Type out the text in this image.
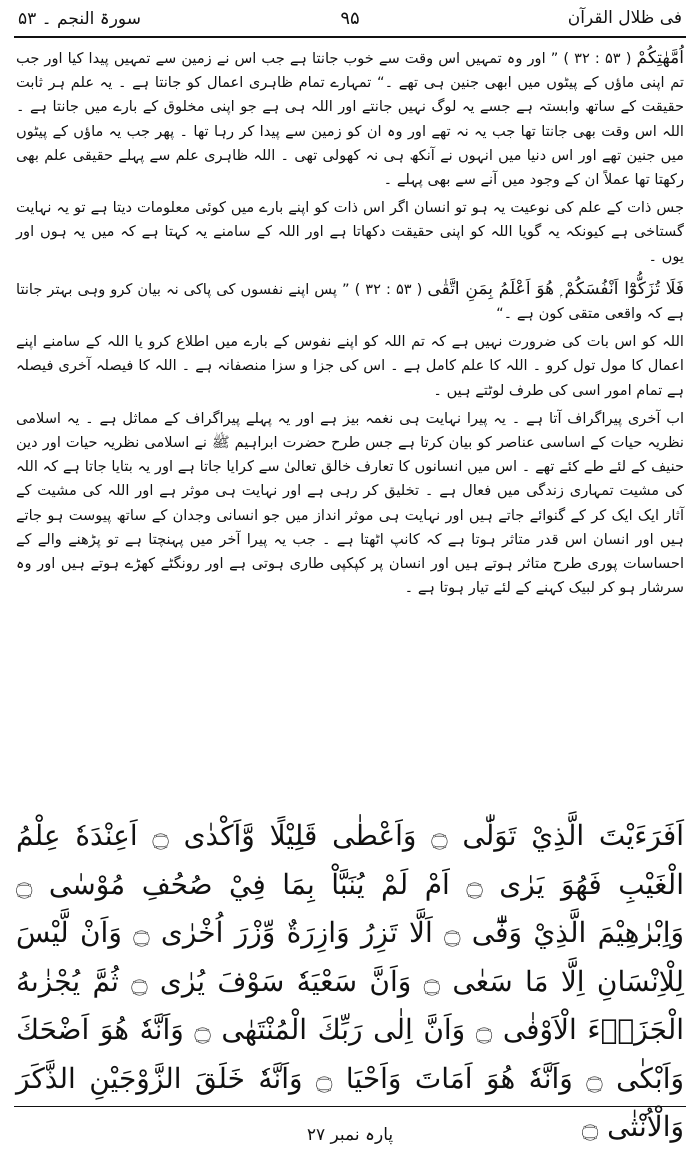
فی ظلال القرآن
۹۵
سورۃ النجم ۔ ۵۳

اُمَّهٰتِكُمْ ( ۵۳ : ۳۲ ) ” اور وہ تمہیں اس وقت سے خوب جانتا ہے جب اس نے زمین سے تمہیں پیدا کیا اور جب تم اپنی ماؤں کے پیٹوں میں ابھی جنین ہی تھے ۔“ تمہارے تمام ظاہری اعمال کو جانتا ہے ۔ یہ علم ہر ثابت حقیقت کے ساتھ وابستہ ہے جسے یہ لوگ نہیں جانتے اور اللہ ہی ہے جو اپنی مخلوق کے بارے میں جانتا ہے ۔ اللہ اس وقت بھی جانتا تھا جب یہ نہ تھے اور وہ ان کو زمین سے پیدا کر رہا تھا ۔ پھر جب یہ ماؤں کے پیٹوں میں جنین تھے اور اس دنیا میں انہوں نے آنکھ ہی نہ کھولی تھی ۔ اللہ ظاہری علم سے پہلے حقیقی علم بھی رکھتا تھا عملاً ان کے وجود میں آنے سے بھی پہلے ۔

جس ذات کے علم کی نوعیت یہ ہو تو انسان اگر اس ذات کو اپنے بارے میں کوئی معلومات دیتا ہے تو یہ نہایت گستاخی ہے کیونکہ یہ گویا اللہ کو اپنی حقیقت دکھاتا ہے اور اللہ کے سامنے یہ کہتا ہے کہ میں یہ ہوں اور یوں ۔

فَلَا تُزَكُّوْٓا اَنْفُسَكُمْ ۭ هُوَ اَعْلَمُ بِمَنِ اتَّقٰى ( ۵۳ : ۳۲ ) ” پس اپنے نفسوں کی پاکی نہ بیان کرو وہی بہتر جانتا ہے کہ واقعی متقی کون ہے ۔“

اللہ کو اس بات کی ضرورت نہیں ہے کہ تم اللہ کو اپنے نفوس کے بارے میں اطلاع کرو یا اللہ کے سامنے اپنے اعمال کا مول تول کرو ۔ اللہ کا علم کامل ہے ۔ اس کی جزا و سزا منصفانہ ہے ۔ اللہ کا فیصلہ آخری فیصلہ ہے تمام امور اسی کی طرف لوٹتے ہیں ۔

اب آخری پیراگراف آتا ہے ۔ یہ پیرا نہایت ہی نغمہ بیز ہے اور یہ پہلے پیراگراف کے مماثل ہے ۔ یہ اسلامی نظریہ حیات کے اساسی عناصر کو بیان کرتا ہے جس طرح حضرت ابراہیم ﷺ نے اسلامی نظریہ حیات اور دین حنیف کے لئے طے کئے تھے ۔ اس میں انسانوں کا تعارف خالق تعالیٰ سے کرایا جاتا ہے اور یہ بتایا جاتا ہے کہ اللہ کی مشیت تمہاری زندگی میں فعال ہے ۔ تخلیق کر رہی ہے اور نہایت ہی موثر ہے اور اللہ کی مشیت کے آثار ایک ایک کر کے گنوائے جاتے ہیں اور نہایت ہی موثر انداز میں جو انسانی وجدان کے ساتھ پیوست ہو جاتے ہیں اور انسان اس قدر متاثر ہوتا ہے کہ کانپ اٹھتا ہے ۔ جب یہ پیرا آخر میں پہنچتا ہے تو پڑھنے والے کے احساسات پوری طرح متاثر ہوتے ہیں اور انسان پر کپکپی طاری ہوتی ہے اور رونگٹے کھڑے ہوتے ہیں اور وہ سرشار ہو کر لبیک کہنے کے لئے تیار ہوتا ہے ۔

اَفَرَءَيْتَ الَّذِيْ تَوَلّٰى ۝ وَاَعْطٰى قَلِيْلًا وَّاَكْدٰى ۝ اَعِنْدَهٗ عِلْمُ الْغَيْبِ فَهُوَ يَرٰى ۝ اَمْ لَمْ يُنَبَّاْ بِمَا فِيْ صُحُفِ مُوْسٰى ۝ وَاِبْرٰهِيْمَ الَّذِيْ وَفّٰٓى ۝ اَلَّا تَزِرُ وَازِرَةٌ وِّزْرَ اُخْرٰى ۝ وَاَنْ لَّيْسَ لِلْاِنْسَانِ اِلَّا مَا سَعٰى ۝ وَاَنَّ سَعْيَهٗ سَوْفَ يُرٰى ۝ ثُمَّ يُجْزٰىهُ الْجَزَاۗءَ الْاَوْفٰى ۝ وَاَنَّ اِلٰى رَبِّكَ الْمُنْتَهٰى ۝ وَاَنَّهٗ هُوَ اَضْحَكَ وَاَبْكٰى ۝ وَاَنَّهٗ هُوَ اَمَاتَ وَاَحْيَا ۝ وَاَنَّهٗ خَلَقَ الزَّوْجَيْنِ الذَّكَرَ وَالْاُنْثٰى ۝

پارہ نمبر ۲۷
